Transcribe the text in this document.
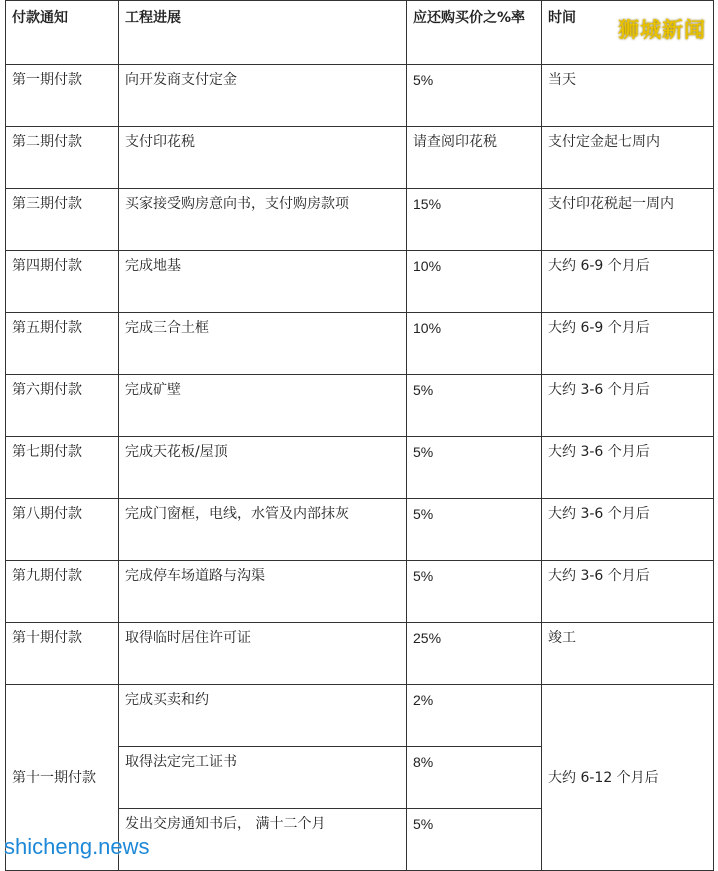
付款通知	工程进展	应还购买价之%率	时间
第一期付款	向开发商支付定金	5%	当天
第二期付款	支付印花税	请查阅印花税	支付定金起七周内
第三期付款	买家接受购房意向书，支付购房款项	15%	支付印花税起一周内
第四期付款	完成地基	10%	大约 6-9 个月后
第五期付款	完成三合土框	10%	大约 6-9 个月后
第六期付款	完成矿壁	5%	大约 3-6 个月后
第七期付款	完成天花板/屋顶	5%	大约 3-6 个月后
第八期付款	完成门窗框，电线，水管及内部抹灰	5%	大约 3-6 个月后
第九期付款	完成停车场道路与沟渠	5%	大约 3-6 个月后
第十期付款	取得临时居住许可证	25%	竣工
第十一期付款	完成买卖和约	2%	大约 6-12 个月后
	取得法定完工证书	8%	
	发出交房通知书后， 满十二个月	5%	
狮城新闻
shicheng.news
